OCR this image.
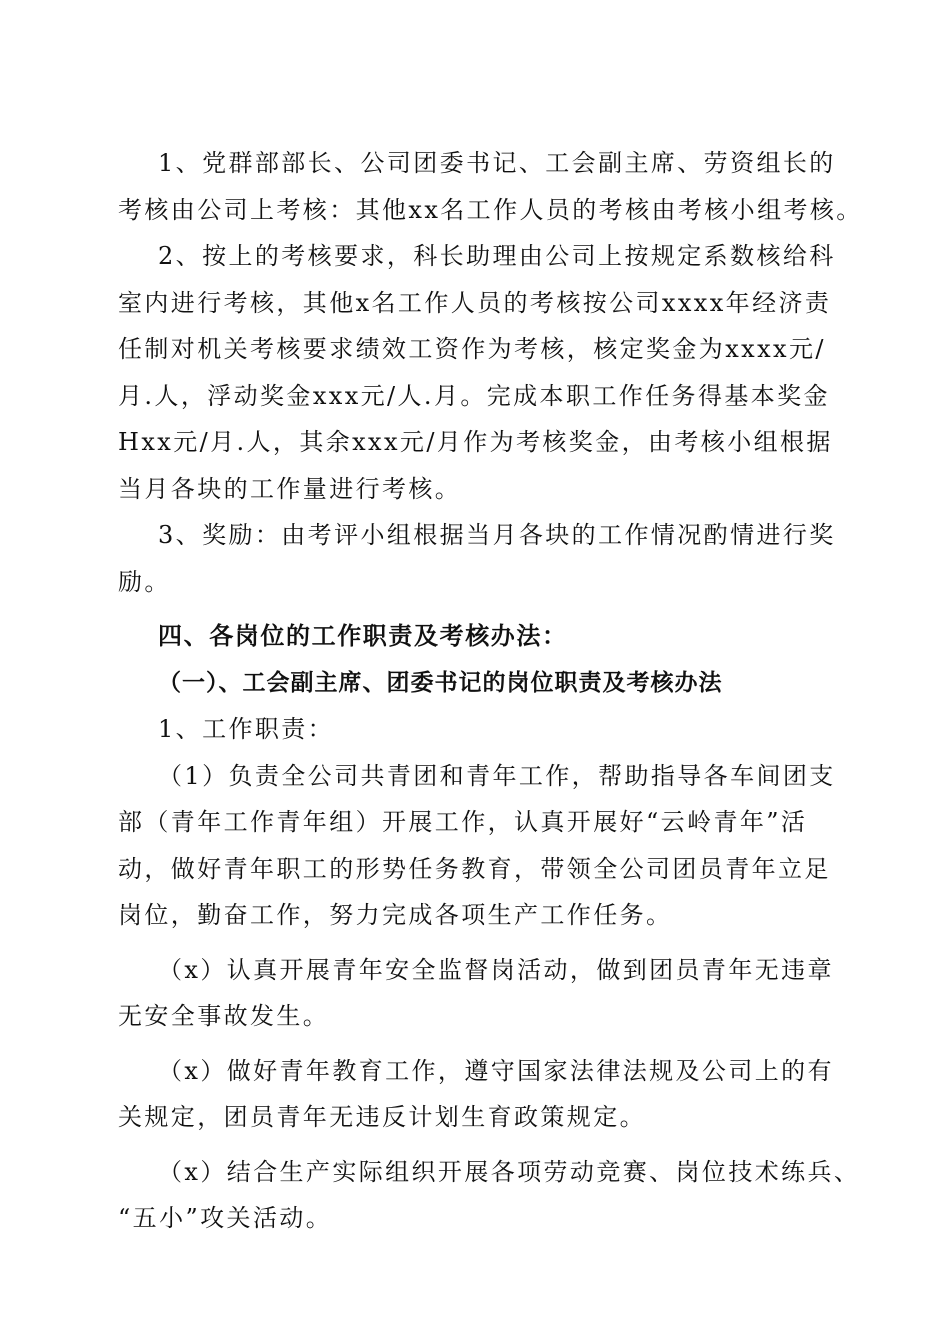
1、党群部部长、公司团委书记、工会副主席、劳资组长的

考核由公司上考核：其他xx名工作人员的考核由考核小组考核。

2、按上的考核要求，科长助理由公司上按规定系数核给科

室内进行考核，其他x名工作人员的考核按公司xxxx年经济责

任制对机关考核要求绩效工资作为考核，核定奖金为xxxx元/

月.人，浮动奖金xxx元/人.月。完成本职工作任务得基本奖金

Hxx元/月.人，其余xxx元/月作为考核奖金，由考核小组根据

当月各块的工作量进行考核。

3、奖励：由考评小组根据当月各块的工作情况酌情进行奖

励。

四、各岗位的工作职责及考核办法：

（一）、工会副主席、团委书记的岗位职责及考核办法

1、工作职责：

（1）负责全公司共青团和青年工作，帮助指导各车间团支

部（青年工作青年组）开展工作，认真开展好“云岭青年”活

动，做好青年职工的形势任务教育，带领全公司团员青年立足

岗位，勤奋工作，努力完成各项生产工作任务。

（x）认真开展青年安全监督岗活动，做到团员青年无违章

无安全事故发生。

（x）做好青年教育工作，遵守国家法律法规及公司上的有

关规定，团员青年无违反计划生育政策规定。

（x）结合生产实际组织开展各项劳动竞赛、岗位技术练兵、

“五小”攻关活动。
